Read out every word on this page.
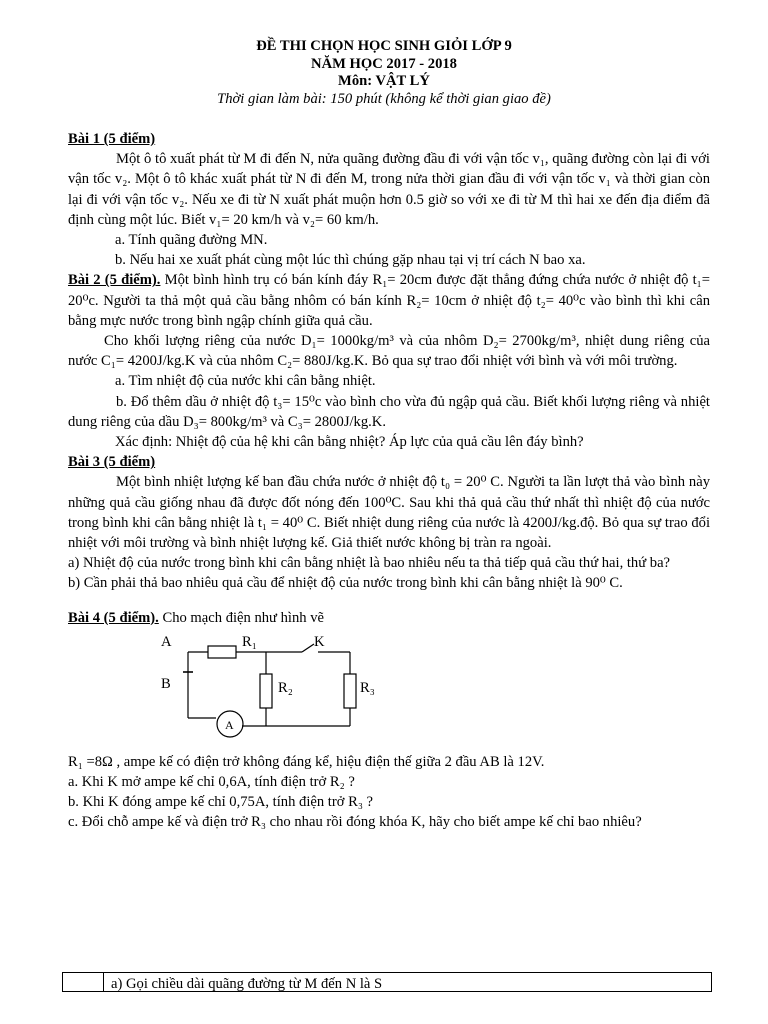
ĐỀ THI CHỌN HỌC SINH GIỎI LỚP 9
NĂM HỌC 2017 - 2018
Môn: VẬT LÝ
Thời gian làm bài: 150 phút (không kể thời gian giao đề)
Bài 1 (5 điểm)
Một ô tô xuất phát từ M đi đến N, nửa quãng đường đầu đi với vận tốc v₁, quãng đường còn lại đi với vận tốc v₂. Một ô tô khác xuất phát từ N đi đến M, trong nửa thời gian đầu đi với vận tốc v₁ và thời gian còn lại đi với vận tốc v₂. Nếu xe đi từ N xuất phát muộn hơn 0.5 giờ so với xe đi từ M thì hai xe đến địa điểm đã định cùng một lúc. Biết v₁= 20 km/h và v₂= 60 km/h.
a. Tính quãng đường MN.
b. Nếu hai xe xuất phát cùng một lúc thì chúng gặp nhau tại vị trí cách N bao xa.
Bài 2 (5 điểm). Một bình hình trụ có bán kính đáy R₁= 20cm được đặt thẳng đứng chứa nước ở nhiệt độ t₁= 20⁰c. Người ta thả một quả cầu bằng nhôm có bán kính R₂= 10cm ở nhiệt độ t₂= 40⁰c vào bình thì khi cân bằng mực nước trong bình ngập chính giữa quả cầu.
Cho khối lượng riêng của nước D₁= 1000kg/m³ và của nhôm D₂= 2700kg/m³, nhiệt dung riêng của nước C₁= 4200J/kg.K và của nhôm C₂= 880J/kg.K. Bỏ qua sự trao đổi nhiệt với bình và với môi trường.
a. Tìm nhiệt độ của nước khi cân bằng nhiệt.
b. Đổ thêm dầu ở nhiệt độ t₃= 15⁰c vào bình cho vừa đủ ngập quả cầu. Biết khối lượng riêng và nhiệt dung riêng của dầu D₃= 800kg/m³ và C₃= 2800J/kg.K.
Xác định: Nhiệt độ của hệ khi cân bằng nhiệt? Áp lực của quả cầu lên đáy bình?
Bài 3 (5 điểm)
Một bình nhiệt lượng kế ban đầu chứa nước ở nhiệt độ t₀ = 20⁰ C. Người ta lần lượt thả vào bình này những quả cầu giống nhau đã được đốt nóng đến 100⁰C. Sau khi thả quả cầu thứ nhất thì nhiệt độ của nước trong bình khi cân bằng nhiệt là t₁ = 40⁰ C. Biết nhiệt dung riêng của nước là 4200J/kg.độ. Bỏ qua sự trao đổi nhiệt với môi trường và bình nhiệt lượng kế. Giả thiết nước không bị tràn ra ngoài.
a) Nhiệt độ của nước trong bình khi cân bằng nhiệt là bao nhiêu nếu ta thả tiếp quả cầu thứ hai, thứ ba?
b) Cần phải thả bao nhiêu quả cầu để nhiệt độ của nước trong bình khi cân bằng nhiệt là 90⁰ C.
Bài 4 (5 điểm). Cho mạch điện như hình vẽ
A
B
R₁
R₂	R₃
K
A
R₁ =8Ω , ampe kế có điện trở không đáng kể, hiệu điện thế giữa 2 đầu AB là 12V.
a. Khi K mở ampe kế chỉ 0,6A, tính điện trở R₂ ?
b. Khi K đóng ampe kế chỉ 0,75A, tính điện trở R₃ ?
c. Đổi chỗ ampe kế và điện trở R₃ cho nhau rồi đóng khóa K, hãy cho biết ampe kế chỉ bao nhiêu?
a) Gọi chiều dài quãng đường từ M đến N là S
